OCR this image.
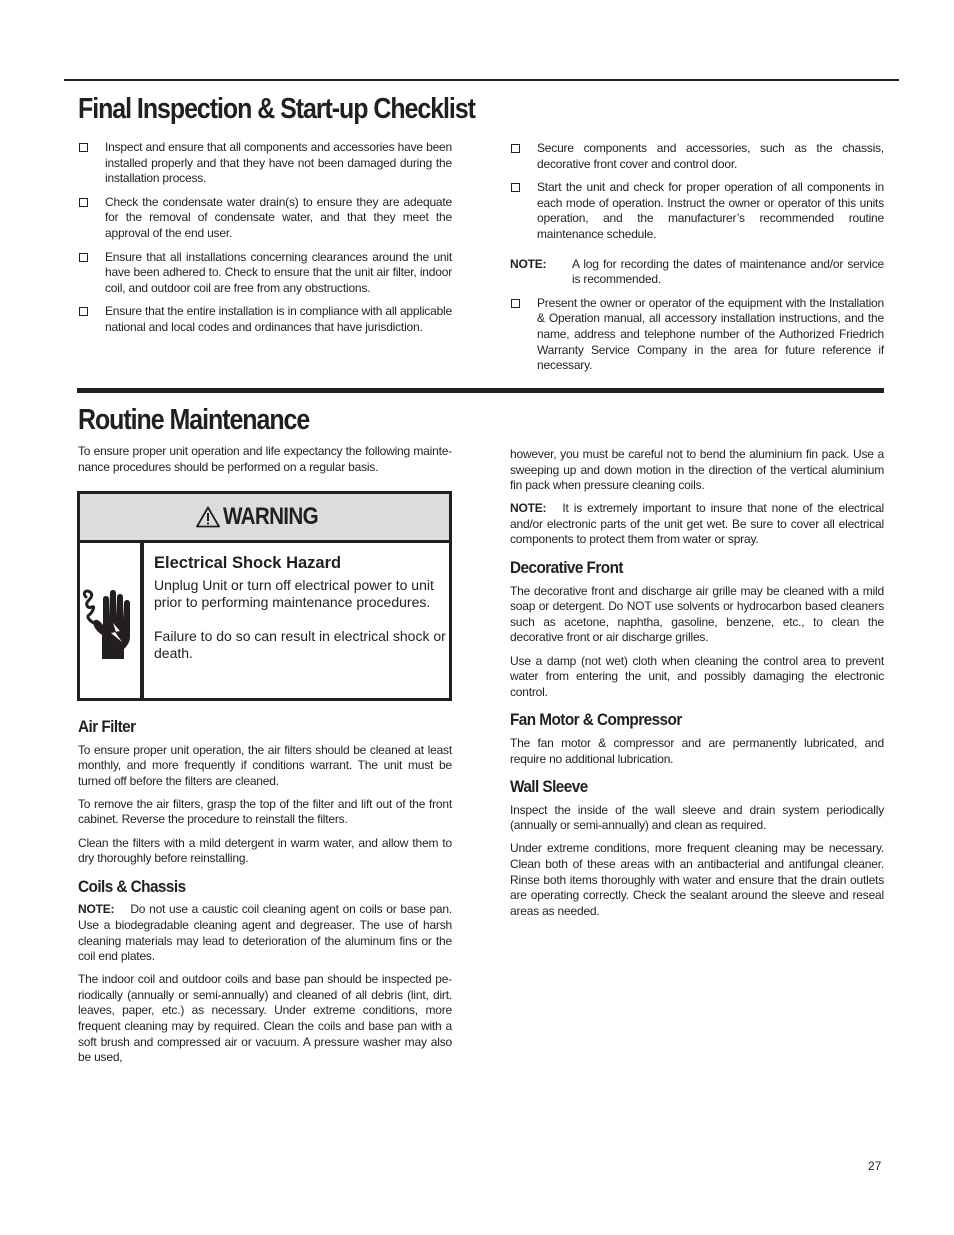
Final Inspection & Start-up Checklist
Inspect and ensure that all components and accessories have been installed properly and that they have not been damaged during the installation process.
Check the condensate water drain(s) to ensure they are adequate for the removal of condensate water, and that they meet the approval of the end user.
Ensure that all installations concerning clearances around the unit have been adhered to. Check to ensure that the unit air filter, indoor coil, and outdoor coil are free from any obstructions.
Ensure that the entire installation is in compliance with all applicable national and local codes and ordinances that have jurisdiction.
Secure components and accessories, such as the chassis, decorative front cover and control door.
Start the unit and check for proper operation of all components in each mode of operation. Instruct the owner or operator of this units operation, and the manufacturer’s recommended routine maintenance schedule.
NOTE:	A log for recording the dates of maintenance and/or service is recommended.
Present the owner or operator of the equipment with the Installation & Operation manual, all accessory installation instructions, and the name, address and telephone number of the Authorized Friedrich Warranty Service Company in the area for future reference if necessary.
Routine Maintenance

To ensure proper unit operation and life expectancy the following mainte-nance procedures should be performed on a regular basis.

WARNING
Electrical Shock Hazard

Unplug Unit or turn off electrical power to unit prior to performing maintenance procedures.

Failure to do so can result in electrical shock or death.

Air Filter

To ensure proper unit operation, the air filters should be cleaned at least monthly, and more frequently if conditions warrant. The unit must be turned off before the filters are cleaned.

To remove the air filters, grasp the top of the filter and lift out of the front cabinet. Reverse the procedure to reinstall the filters.

Clean the filters with a mild detergent in warm water, and allow them to dry thoroughly before reinstalling.

Coils & Chassis

NOTE: Do not use a caustic coil cleaning agent on coils or base pan. Use a biodegradable cleaning agent and degreaser. The use of harsh cleaning materials may lead to deterioration of the aluminum fins or the coil end plates.

The indoor coil and outdoor coils and base pan should be inspected pe-riodically (annually or semi-annually) and cleaned of all debris (lint, dirt. leaves, paper, etc.) as necessary. Under extreme conditions, more frequent cleaning may by required. Clean the coils and base pan with a soft brush and compressed air or vacuum. A pressure washer may also be used,

however, you must be careful not to bend the aluminium fin pack. Use a sweeping up and down motion in the direction of the vertical aluminium fin pack when pressure cleaning coils.

NOTE: It is extremely important to insure that none of the electrical and/or electronic parts of the unit get wet. Be sure to cover all electrical components to protect them from water or spray.

Decorative Front

The decorative front and discharge air grille may be cleaned with a mild soap or detergent. Do NOT use solvents or hydrocarbon based cleaners such as acetone, naphtha, gasoline, benzene, etc., to clean the decorative front or air discharge grilles.

Use a damp (not wet) cloth when cleaning the control area to prevent water from entering the unit, and possibly damaging the electronic control.

Fan Motor & Compressor

The fan motor & compressor and are permanently lubricated, and require no additional lubrication.

Wall Sleeve

Inspect the inside of the wall sleeve and drain system periodically (annually or semi-annually) and clean as required.

Under extreme conditions, more frequent cleaning may be necessary. Clean both of these areas with an antibacterial and antifungal cleaner. Rinse both items thoroughly with water and ensure that the drain outlets are operating correctly. Check the sealant around the sleeve and reseal areas as needed.

27
